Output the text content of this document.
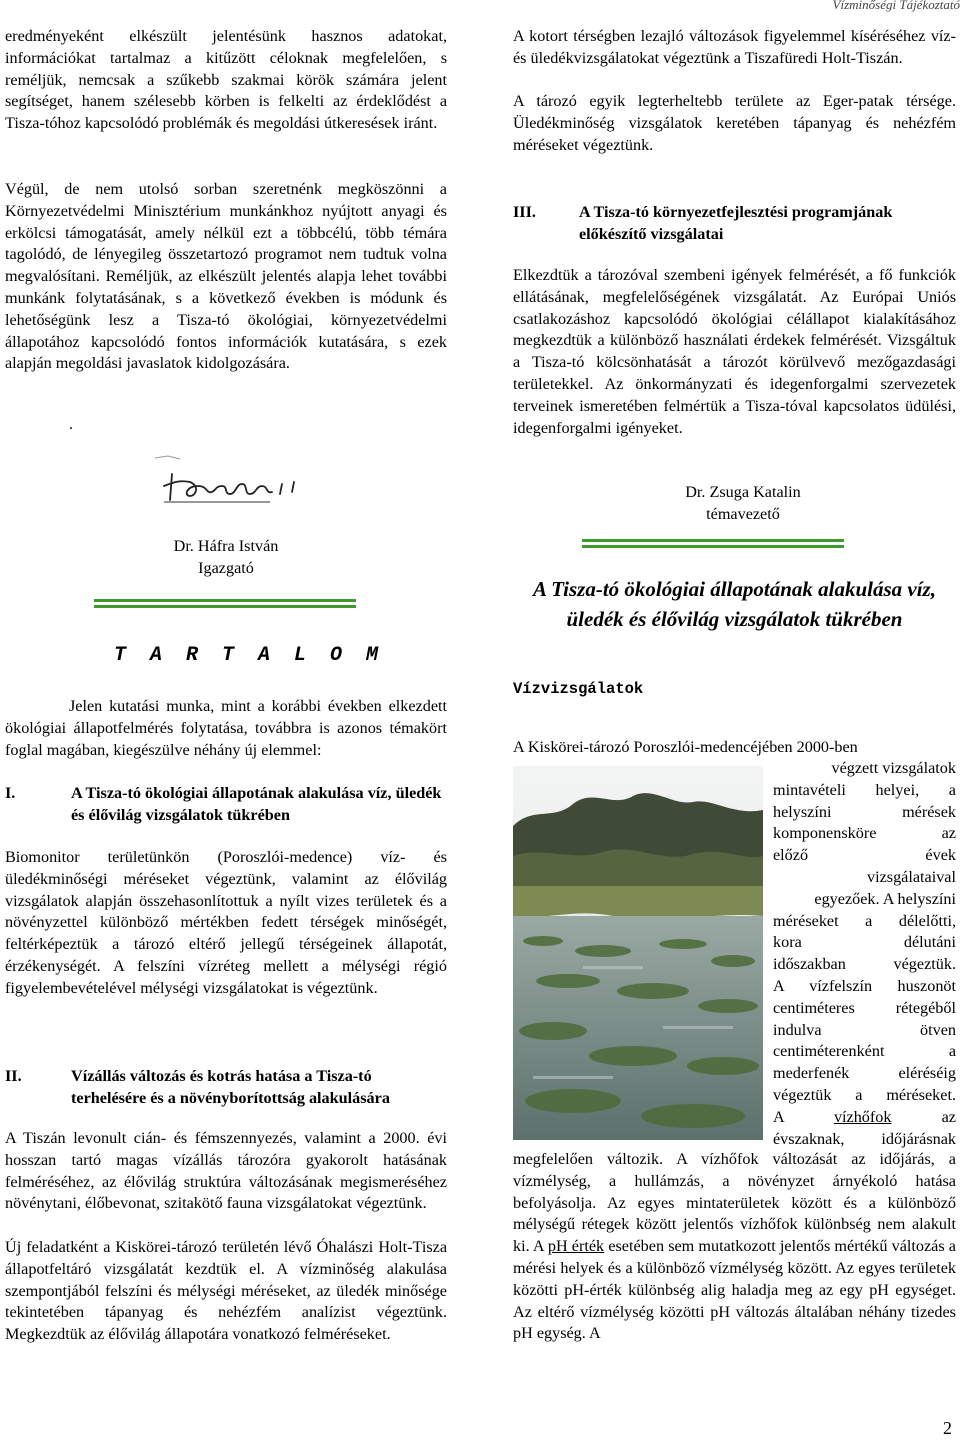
Vízminőségi Tájékoztató

eredményeként elkészült jelentésünk hasznos adatokat, információkat tartalmaz a kitűzött céloknak megfelelően, s reméljük, nemcsak a szűkebb szakmai körök számára jelent segítséget, hanem szélesebb körben is felkelti az érdeklődést a Tisza-tóhoz kapcsolódó problémák és megoldási útkeresések iránt.

Végül, de nem utolsó sorban szeretnénk megköszönni a Környezetvédelmi Minisztérium munkánkhoz nyújtott anyagi és erkölcsi támogatását, amely nélkül ezt a többcélú, több témára tagolódó, de lényegileg összetartozó programot nem tudtuk volna megvalósítani. Reméljük, az elkészült jelentés alapja lehet további munkánk folytatásának, s a következő években is módunk és lehetőségünk lesz a Tisza-tó ökológiai, környezetvédelmi állapotához kapcsolódó fontos információk kutatására, s ezek alapján megoldási javaslatok kidolgozására.

.
Dr. Háfra István
Igazgató
T A R T A L O M

Jelen kutatási munka, mint a korábbi években elkezdett ökológiai állapotfelmérés folytatása, továbbra is azonos témakört foglal magában, kiegészülve néhány új elemmel:

I.	A Tisza-tó ökológiai állapotának alakulása víz, üledék és élővilág vizsgálatok tükrében

Biomonitor területünkön (Poroszlói-medence) víz- és üledékminőségi méréseket végeztünk, valamint az élővilág vizsgálatok alapján összehasonlítottuk a nyílt vizes területek és a növényzettel különböző mértékben fedett térségek minőségét, feltérképeztük a tározó eltérő jellegű térségeinek állapotát, érzékenységét. A felszíni vízréteg mellett a mélységi régió figyelembevételével mélységi vizsgálatokat is végeztünk.

II.	Vízállás változás és kotrás hatása a Tisza-tó terhelésére és a növényborítottság alakulására

A Tiszán levonult cián- és fémszennyezés, valamint a 2000. évi hosszan tartó magas vízállás tározóra gyakorolt hatásának felméréséhez, az élővilág struktúra változásának megismeréséhez növénytani, élőbevonat, szitakötő fauna vizsgálatokat végeztünk.

Új feladatként a Kiskörei-tározó területén lévő Óhalászi Holt-Tisza állapotfeltáró vizsgálatát kezdtük el. A vízminőség alakulása szempontjából felszíni és mélységi méréseket, az üledék minősége tekintetében tápanyag és nehézfém analízist végeztünk. Megkezdtük az élővilág állapotára vonatkozó felméréseket.

A kotort térségben lezajló változások figyelemmel kíséréséhez víz- és üledékvizsgálatokat végeztünk a Tiszafüredi Holt-Tiszán.

A tározó egyik legterheltebb területe az Eger-patak térsége. Üledékminőség vizsgálatok keretében tápanyag és nehézfém méréseket végeztünk.

III.	A Tisza-tó környezetfejlesztési programjának előkészítő vizsgálatai

Elkezdtük a tározóval szembeni igények felmérését, a fő funkciók ellátásának, megfelelőségének vizsgálatát. Az Európai Uniós csatlakozáshoz kapcsolódó ökológiai célállapot kialakításához megkezdtük a különböző használati érdekek felmérését. Vizsgáltuk a Tisza-tó kölcsönhatását a tározót körülvevő mezőgazdasági területekkel. Az önkormányzati és idegenforgalmi szervezetek terveinek ismeretében felmértük a Tisza-tóval kapcsolatos üdülési, idegenforgalmi igényeket.

Dr. Zsuga Katalin
témavezető
A Tisza-tó ökológiai állapotának alakulása víz, üledék és élővilág vizsgálatok tükrében
Vízvizsgálatok

A Kiskörei-tározó Poroszlói-medencéjében 2000-ben

végzett vizsgálatok
mintavételi helyei, a
helyszíni mérések
komponensköre az
előző évek
vizsgálataival
egyezőek. A helyszíni
méréseket a délelőtti,
kora délutáni
időszakban végeztük.
A vízfelszín huszonöt
centiméteres rétegéből
indulva ötven
centiméterenként a
mederfenék eléréséig
végeztük a méréseket.
A vízhőfok az
évszaknak, időjárásnak

megfelelően változik. A vízhőfok változását az időjárás, a vízmélység, a hullámzás, a növényzet árnyékoló hatása befolyásolja. Az egyes mintaterületek között és a különböző mélységű rétegek között jelentős vízhőfok különbség nem alakult ki. A pH érték esetében sem mutatkozott jelentős mértékű változás a mérési helyek és a különböző vízmélység között. Az egyes területek közötti pH-érték különbség alig haladja meg az egy pH egységet. Az eltérő vízmélység közötti pH változás általában néhány tizedes pH egység. A

2
